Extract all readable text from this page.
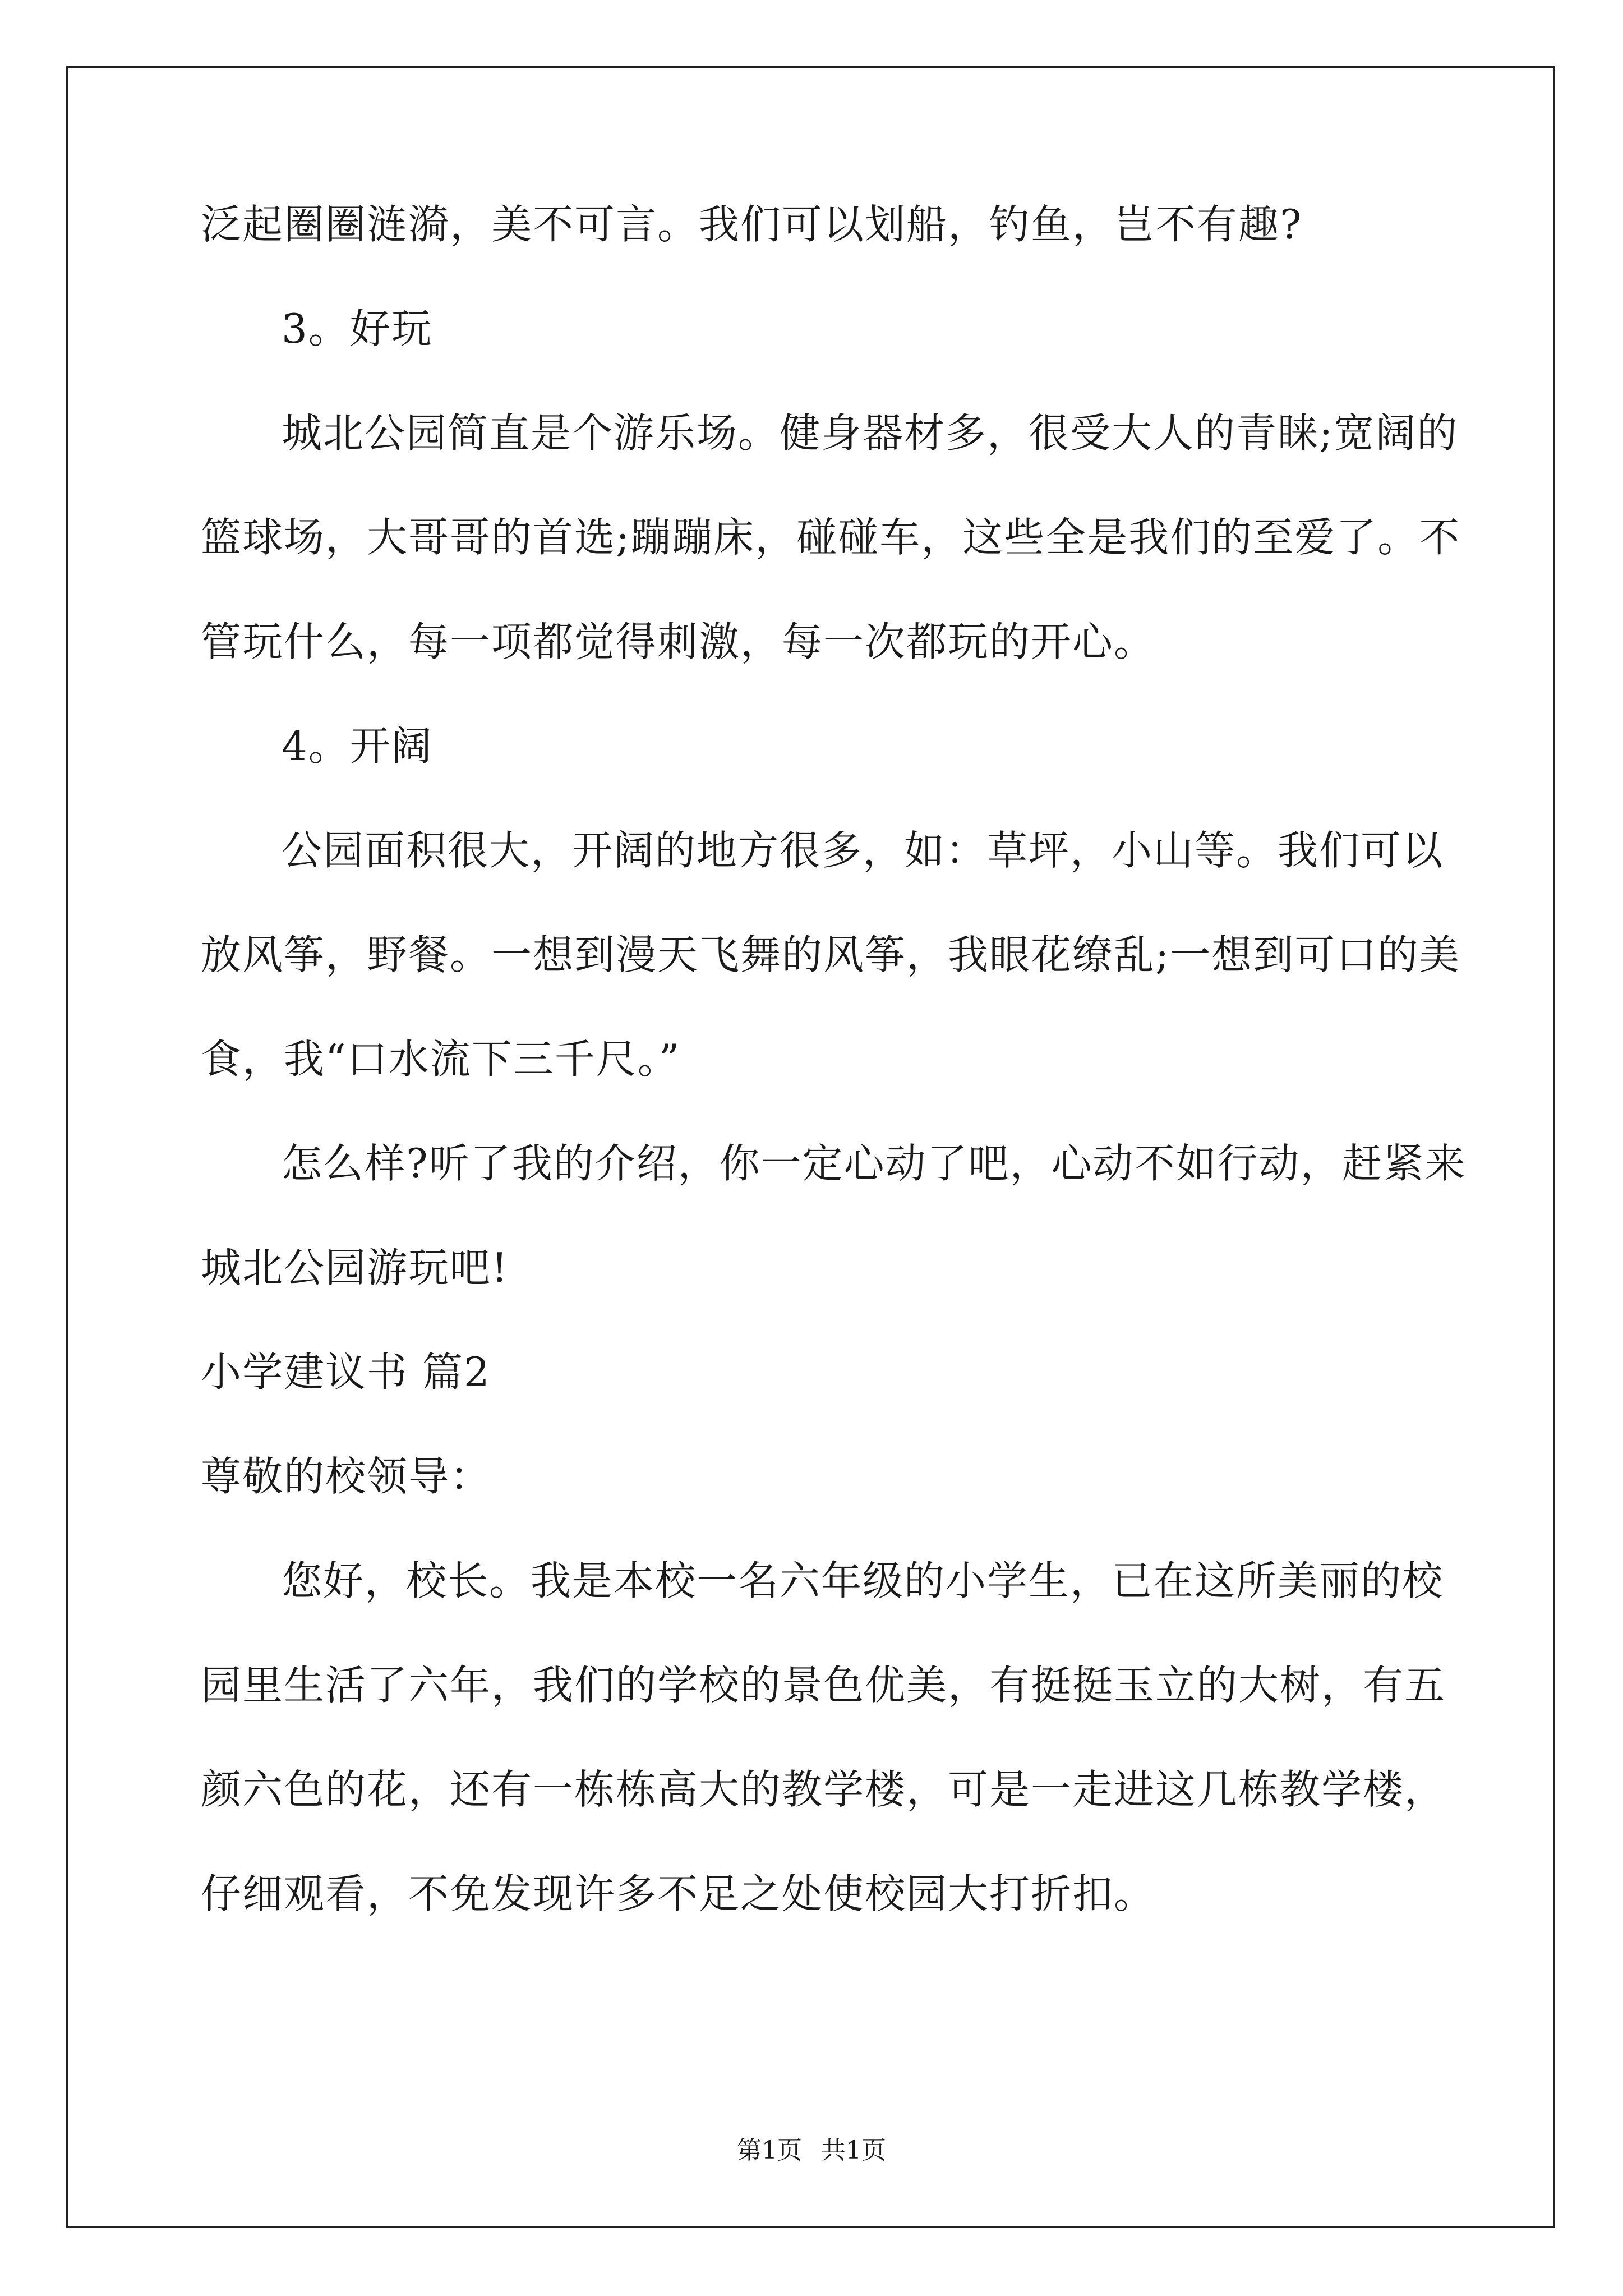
泛起圈圈涟漪，美不可言。我们可以划船，钓鱼，岂不有趣?
3。好玩
城北公园简直是个游乐场。健身器材多，很受大人的青睐;宽阔的
篮球场，大哥哥的首选;蹦蹦床，碰碰车，这些全是我们的至爱了。不
管玩什么，每一项都觉得刺激，每一次都玩的开心。
4。开阔
公园面积很大，开阔的地方很多，如：草坪，小山等。我们可以
放风筝，野餐。一想到漫天飞舞的风筝，我眼花缭乱;一想到可口的美
食，我“口水流下三千尺。”
怎么样?听了我的介绍，你一定心动了吧，心动不如行动，赶紧来
城北公园游玩吧!
小学建议书 篇2
尊敬的校领导：
您好，校长。我是本校一名六年级的小学生，已在这所美丽的校
园里生活了六年，我们的学校的景色优美，有挺挺玉立的大树，有五
颜六色的花，还有一栋栋高大的教学楼，可是一走进这几栋教学楼，
仔细观看，不免发现许多不足之处使校园大打折扣。
第1页 共1页
